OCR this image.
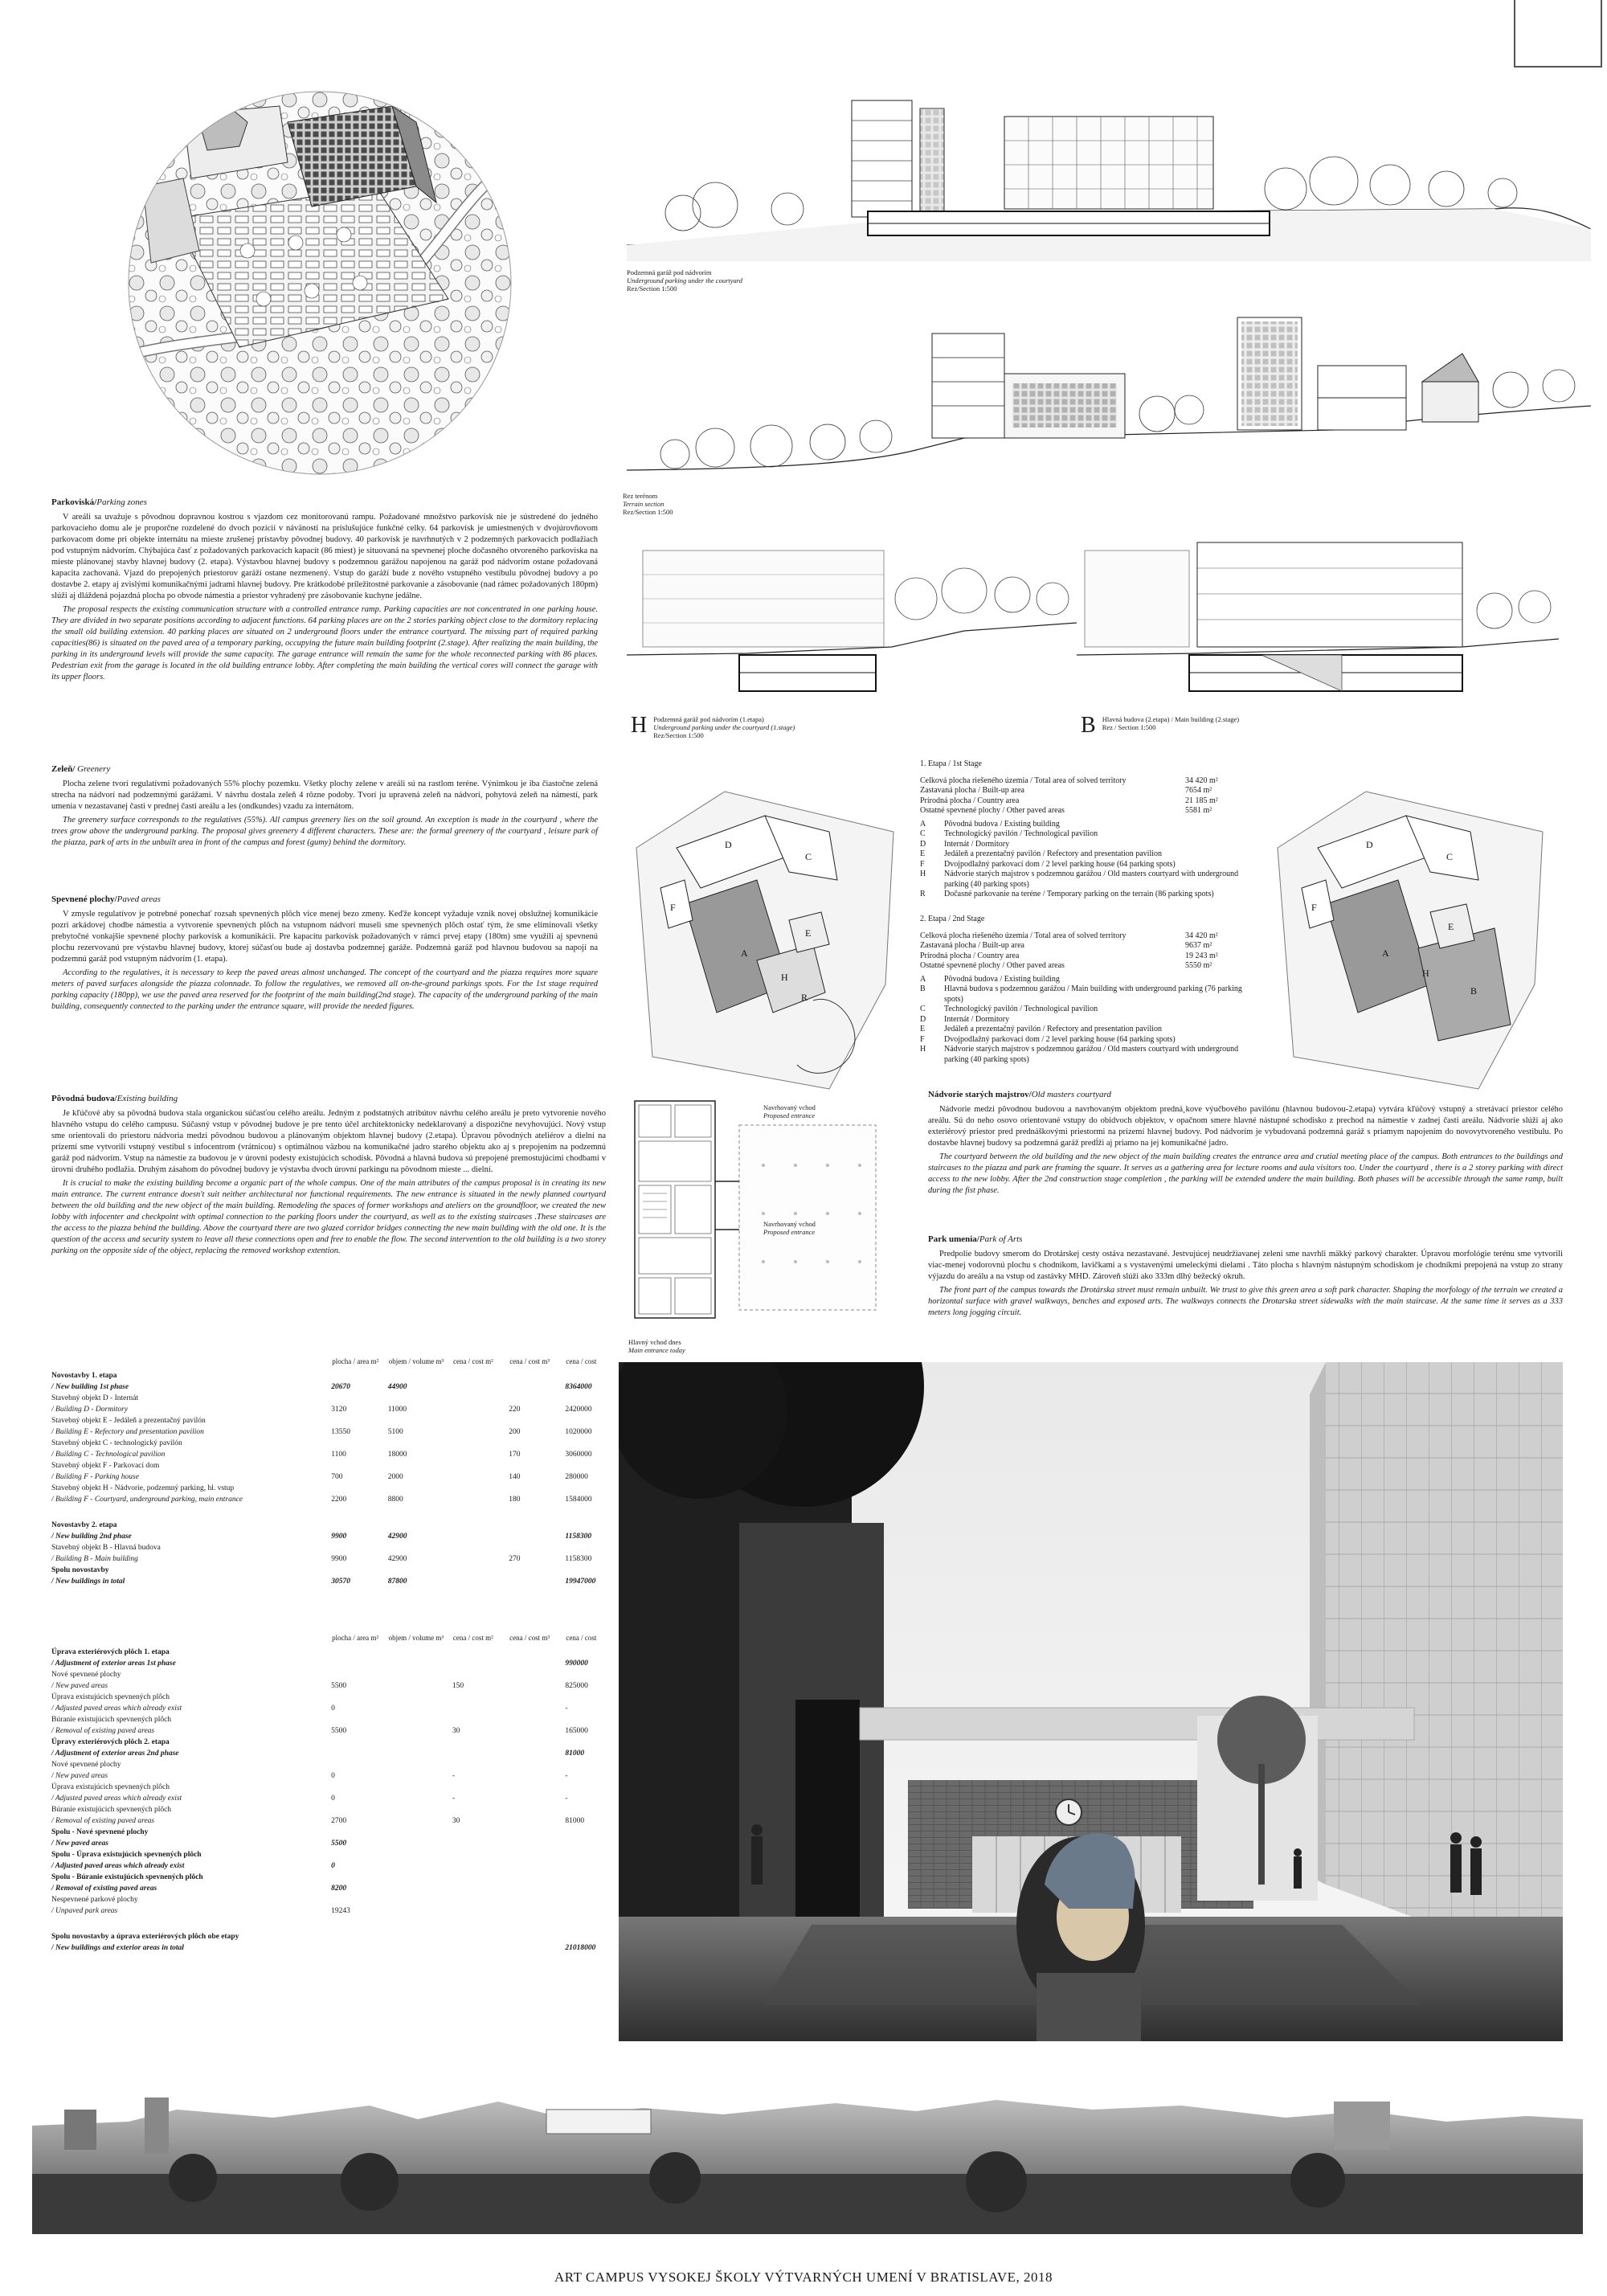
Podzemná garáž pod nádvorím
Underground parking under the courtyard
Rez/Section 1:500
Rez terénom
Terrain section
Rez/Section 1:500
Parkoviská/Parking zones

V areáli sa uvažuje s pôvodnou dopravnou kostrou s vjazdom cez monitorovanú rampu. Požadované množstvo parkovísk nie je sústredené do jedného parkovacieho domu ale je proporčne rozdelené do dvoch pozícií v návänosti na príslušujúce funkčné celky. 64 parkovísk je umiestnených v dvojúrovňovom parkovacom dome pri objekte internátu na mieste zrušenej prístavby pôvodnej budovy. 40 parkovísk je navrhnutých v 2 podzemných parkovacích podlažiach pod vstupným nádvorím. Chýbajúca časť z požadovaných parkovacích kapacít (86 miest) je situovaná na spevnenej ploche dočasného otvoreného parkoviska na mieste plánovanej stavby hlavnej budovy (2. etapa). Výstavbou hlavnej budovy s podzemnou garážou napojenou na garáž pod nádvorím ostane požadovaná kapacita zachovaná. Vjazd do prepojených priestorov garáží ostane nezmenený. Vstup do garáží bude z nového vstupného vestibulu pôvodnej budovy a po dostavbe 2. etapy aj zvislými komunikačnými jadrami hlavnej budovy. Pre krátkodobé príležitostné parkovanie a zásobovanie (nad rámec požadovaných 180pm) slúži aj dláždená pojazdná plocha po obvode námestia a priestor vyhradený pre zásobovanie kuchyne jedálne.

The proposal respects the existing communication structure with a controlled entrance ramp. Parking capacities are not concentrated in one parking house. They are divided in two separate positions according to adjacent functions. 64 parking places are on the 2 stories parking object close to the dormitory replacing the small old building extension. 40 parking places are situated on 2 underground floors under the entrance courtyard. The missing part of required parking capacities(86) is situated on the paved area of a temporary parking, occupying the future main building footprint (2.stage). After realizing the main building, the parking in its underground levels will provide the same capacity. The garage entrance will remain the same for the whole reconnected parking with 86 places. Pedestrian exit from the garage is located in the old building entrance lobby. After completing the main building the vertical cores will connect the garage with its upper floors.

H Podzemná garáž pod nádvorím (1.etapa)
Underground parking under the courtyard (1.stage)
Rez/Section 1:500	B Hlavná budova (2.etapa) / Main building (2.stage)
Rez / Section 1:500
Zeleň/ Greenery

Plocha zelene tvorí regulatívmi požadovaných 55% plochy pozemku. Všetky plochy zelene v areáli sú na rastlom teréne. Výnimkou je iba čiastočne zelená strecha na nádvorí nad podzemnými garážami. V návrhu dostala zeleň 4 rôzne podoby. Tvorí ju upravená zeleň na nádvorí, pohytová zeleň na námestí, park umenia v nezastavanej časti v prednej časti areálu a les (ondkundes) vzadu za internátom.

The greenery surface corresponds to the regulatives (55%). All campus greenery lies on the soil ground. An exception is made in the courtyard , where the trees grow above the underground parking. The proposal gives greenery 4 different characters. These are: the formal greenery of the courtyard , leisure park of the piazza, park of arts in the unbuilt area in front of the campus and forest (gumy) behind the dormitory.

Spevnené plochy/Paved areas

V zmysle regulatívov je potrebné ponechať rozsah spevnených plôch vice menej bezo zmeny. Keďže koncept vyžaduje vznik novej obslužnej komunikácie pozri arkádovej chodbe námestia a vytvorenie spevnených plôch na vstupnom nádvorí museli sme spevnených plôch ostať tým, že sme eliminovali všetky prebytočné vonkajšie spevnené plochy parkovísk a komunikácií. Pre kapacitu parkovísk požadovaných v rámci prvej etapy (180m) sme využili aj spevnenú plochu rezervovanú pre výstavbu hlavnej budovy, ktorej súčasťou bude aj dostavba podzemnej garáže. Podzemná garáž pod hlavnou budovou sa napojí na podzemnú garáž pod vstupným nádvorím (1. etapa).

According to the regulatives, it is necessary to keep the paved areas almost unchanged. The concept of the courtyard and the piazza requires more square meters of paved surfaces alongside the piazza colonnade. To follow the regulatives, we removed all on-the-ground parkings spots. For the 1st stage required parking capacity (180pp), we use the paved area reserved for the footprint of the main building(2nd stage). The capacity of the underground parking of the main building, consequently connected to the parking under the entrance square, will provide the needed figures.

D
C
F
A
E
H
R
1. Etapa / 1st Stage
Celková plocha riešeného územia / Total area of solved territory	34 420 m²
Zastavaná plocha / Built-up area	7654 m²
Prírodná plocha / Country area	21 185 m²
Ostatné spevnené plochy / Other paved areas	5581 m²
A	Pôvodná budova / Existing building
C	Technologický pavilón / Technological pavilion
D	Internát / Dormitory
E	Jedáleň a prezentačný pavilón / Refectory and presentation pavilion
F	Dvojpodlažný parkovací dom / 2 level parking house (64 parking spots)
H	Nádvorie starých majstrov s podzemnou garážou / Old masters courtyard with underground parking (40 parking spots)
R	Dočasné parkovanie na teréne / Temporary parking on the terrain (86 parking spots)
2. Etapa / 2nd Stage
Celková plocha riešeného územia / Total area of solved territory	34 420 m²
Zastavaná plocha / Built-up area	9637 m²
Prírodná plocha / Country area	19 243 m²
Ostatné spevnené plochy / Other paved areas	5550 m²
A	Pôvodná budova / Existing building
B	Hlavná budova s podzemnou garážou / Main building with underground parking (76 parking spots)
C	Technologický pavilón / Technological pavilion
D	Internát / Dormitory
E	Jedáleň a prezentačný pavilón / Refectory and presentation pavilion
F	Dvojpodlažný parkovací dom / 2 level parking house (64 parking spots)
H	Nádvorie starých majstrov s podzemnou garážou / Old masters courtyard with underground parking (40 parking spots)
D
C
F
A
E
H
B
Pôvodná budova/Existing building

Je kľúčové aby sa pôvodná budova stala organickou súčasťou celého areálu. Jedným z podstatných atribútov návrhu celého areálu je preto vytvorenie nového hlavného vstupu do celého campusu. Súčasný vstup v pôvodnej budove je pre tento účel architektonicky nedeklarovaný a dispozične nevyhovujúci. Nový vstup sme orientovali do priestoru nádvoria medzi pôvodnou budovou a plánovaným objektom hlavnej budovy (2.etapa). Úpravou pôvodných ateliérov a dielní na prízemí sme vytvorili vstupný vestibul s infocentrom (vrátnicou) s optimálnou väzbou na komunikačné jadro starého objektu ako aj s prepojením na podzemnú garáž pod nádvorím. Vstup na námestie za budovou je v úrovni podesty existujúcich schodísk. Pôvodná a hlavná budova sú prepojené premostujúcimi chodbami v úrovni druhého podlažia. Druhým zásahom do pôvodnej budovy je výstavba dvoch úrovní parkingu na pôvodnom mieste ... dielní.

It is crucial to make the existing building become a organic part of the whole campus. One of the main attributes of the campus proposal is in creating its new main entrance. The current entrance doesn't suit neither architectural nor functional requirements. The new entrance is situated in the newly planned courtyard between the old building and the new object of the main building. Remodeling the spaces of former workshops and ateliers on the groundfloor, we created the new lobby with infocenter and checkpoint with optimal connection to the parking floors under the courtyard, as well as to the existing staircases .These staircases are the access to the piazza behind the building. Above the courtyard there are two glazed corridor bridges connecting the new main building with the old one. It is the question of the access and security system to leave all these connections open and free to enable the flow. The second intervention to the old building is a two storey parking on the opposite side of the object, replacing the removed workshop extention.

Navrhovaný vchod
Proposed entrance
Navrhovaný vchod
Proposed entrance
Hlavný vchod dnes
Main entrance today
Nádvorie starých majstrov/Old masters courtyard

Nádvorie medzi pôvodnou budovou a navrhovaným objektom predná˛kove výučbového pavilónu (hlavnou budovou-2.etapa) vytvára kľúčový vstupný a stretávací priestor celého areálu. Sú do neho osovo orientované vstupy do obidvoch objektov, v opačnom smere hlavné nástupné schodisko z prechod na námestie v zadnej časti areálu. Nádvorie slúži aj ako exteriérový priestor pred prednáškovými priestormi na prízemí hlavnej budovy. Pod nádvorím je vybudovaná podzemná garáž s priamym napojením do novovytvoreného vestibulu. Po dostavbe hlavnej budovy sa podzemná garáž predĺži aj priamo na jej komunikačné jadro.

The courtyard between the old building and the new object of the main building creates the entrance area and crutial meeting place of the campus. Both entrances to the buildings and staircases to the piazza and park are framing the square. It serves as a gathering area for lecture rooms and aula visitors too. Under the courtyard , there is a 2 storey parking with direct access to the new lobby. After the 2nd construction stage completion , the parking will be extended undere the main building. Both phases will be accessible through the same ramp, built during the fist phase.

Park umenia/Park of Arts

Predpolie budovy smerom do Drotárskej cesty ostáva nezastavané. Jestvujúcej neudržiavanej zeleni sme navrhli mäkký parkový charakter. Úpravou morfológie terénu sme vytvorili viac-menej vodorovnú plochu s chodníkom, lavičkami a s vystavenými umeleckými dielami . Táto plocha s hlavným nástupným schodiskom je chodníkmi prepojená na vstup zo strany výjazdu do areálu a na vstup od zastávky MHD. Zároveň slúži ako 333m dlhý bežecký okruh.

The front part of the campus towards the Drotárska street must remain unbuilt. We trust to give this green area a soft park character. Shaping the morfology of the terrain we created a horizontal surface with gravel walkways, benches and exposed arts. The walkways connects the Drotarska street sidewalks with the main staircase. At the same time it serves as a 333 meters long jogging circuit.

	plocha / area m²	objem / volume m³	cena / cost m²	cena / cost m³	cena / cost
Novostavby 1. etapa					
/ New building 1st phase	20670	44900			8364000
Stavebný objekt D - Internát					
/ Building D - Dormitory	3120	11000		220	2420000
Stavebný objekt E - Jedáleň a prezentačný pavilón					
/ Building E - Refectory and presentation pavilion	13550	5100		200	1020000
Stavebný objekt C - technologický pavilón					
/ Building C - Technological pavilion	1100	18000		170	3060000
Stavebný objekt F - Parkovací dom					
/ Building F - Parking house	700	2000		140	280000
Stavebný objekt H - Nádvorie, podzemný parking, hl. vstup					
/ Building F - Courtyard, underground parking, main entrance	2200	8800		180	1584000

Novostavby 2. etapa					
/ New building 2nd phase	9900	42900			1158300
Stavebný objekt B - Hlavná budova					
/ Building B - Main building	9900	42900		270	1158300
Spolu novostavby					
/ New buildings in total	30570	87800			19947000
	plocha / area m²	objem / volume m³	cena / cost m²	cena / cost m³	cena / cost
Úprava exteriérových plôch 1. etapa					
/ Adjustment of exterior areas 1st phase					990000
Nové spevnené plochy					
/ New paved areas	5500		150		825000
Úprava existujúcich spevnených plôch					
/ Adjusted paved areas which already exist	0				-
Búranie existujúcich spevnených plôch					
/ Removal of existing paved areas	5500		30		165000
Úpravy exteriérových plôch 2. etapa					
/ Adjustment of exterior areas 2nd phase					81000
Nové spevnené plochy					
/ New paved areas	0		-		-
Úprava existujúcich spevnených plôch					
/ Adjusted paved areas which already exist	0		-		-
Búranie existujúcich spevnených plôch					
/ Removal of existing paved areas	2700		30		81000
Spolu - Nové spevnené plochy					
/ New paved areas	5500				
Spolu - Úprava existujúcich spevnených plôch					
/ Adjusted paved areas which already exist	0				
Spolu - Búranie existujúcich spevnených plôch					
/ Removal of existing paved areas	8200				
Nespevnené parkové plochy					
/ Unpaved park areas	19243				

Spolu novostavby a úprava exteriérových plôch obe etapy					
/ New buildings and exterior areas in total					21018000
ART CAMPUS VYSOKEJ ŠKOLY VÝTVARNÝCH UMENÍ V BRATISLAVE, 2018
